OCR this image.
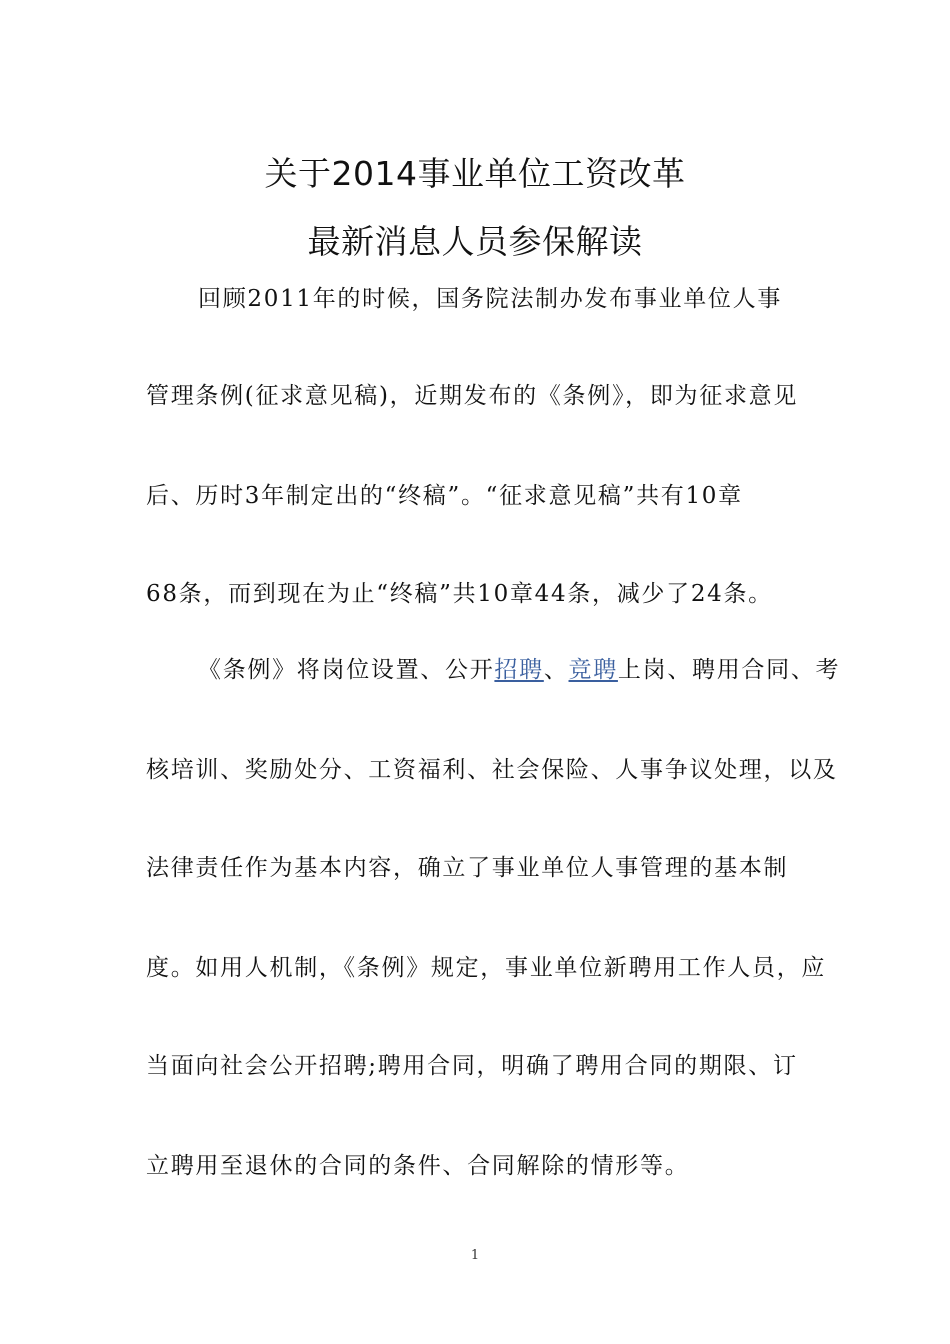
关于2014事业单位工资改革
最新消息人员参保解读
回顾2011年的时候，国务院法制办发布事业单位人事
管理条例(征求意见稿)，近期发布的《条例》，即为征求意见
后、历时3年制定出的“终稿”。“征求意见稿”共有10章
68条，而到现在为止“终稿”共10章44条，减少了24条。
《条例》将岗位设置、公开招聘、竞聘上岗、聘用合同、考
核培训、奖励处分、工资福利、社会保险、人事争议处理，以及
法律责任作为基本内容，确立了事业单位人事管理的基本制
度。如用人机制，《条例》规定，事业单位新聘用工作人员，应
当面向社会公开招聘;聘用合同，明确了聘用合同的期限、订
立聘用至退休的合同的条件、合同解除的情形等。
1
